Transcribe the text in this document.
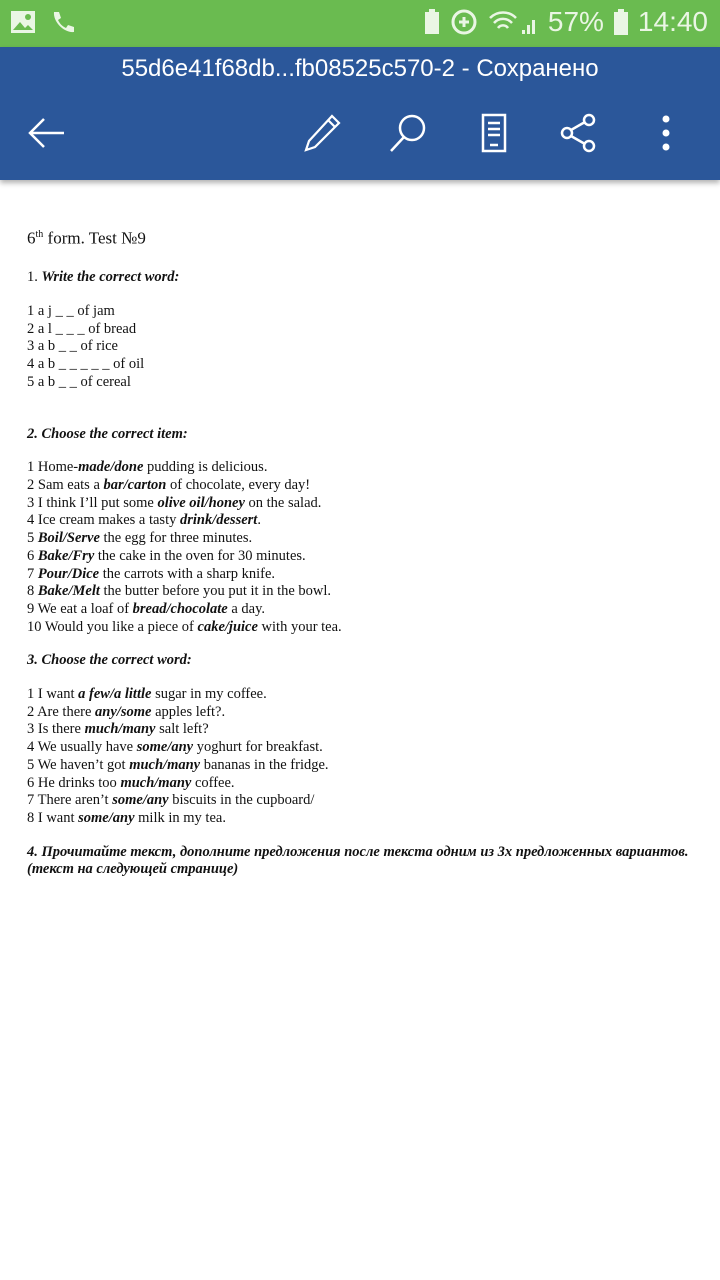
57% 14:40
55d6e41f68db...fb08525c570-2 - Сохранено
6th form. Test №9
1. Write the correct word:
1 a j _ _ of jam
2 a l _ _ _ of bread
3 a b _ _ of rice
4 a b _ _ _ _ _ of oil
5 a b _ _ of cereal
2. Choose the correct item:
1 Home-made/done pudding is delicious.
2 Sam eats a bar/carton of chocolate, every day!
3 I think I’ll put some olive oil/honey on the salad.
4 Ice cream makes a tasty drink/dessert.
5 Boil/Serve the egg for three minutes.
6 Bake/Fry the cake in the oven for 30 minutes.
7 Pour/Dice the carrots with a sharp knife.
8 Bake/Melt the butter before you put it in the bowl.
9 We eat a loaf of bread/chocolate a day.
10 Would you like a piece of cake/juice with your tea.
3. Choose the correct word:
1 I want a few/a little sugar in my coffee.
2 Are there any/some apples left?.
3 Is there much/many salt left?
4 We usually have some/any yoghurt for breakfast.
5 We haven’t got much/many bananas in the fridge.
6 He drinks too much/many coffee.
7 There aren’t some/any biscuits in the cupboard/
8 I want some/any milk in my tea.
4. Прочитайте текст, дополните предложения после текста одним из 3х предложенных вариантов. (текст на следующей странице)
